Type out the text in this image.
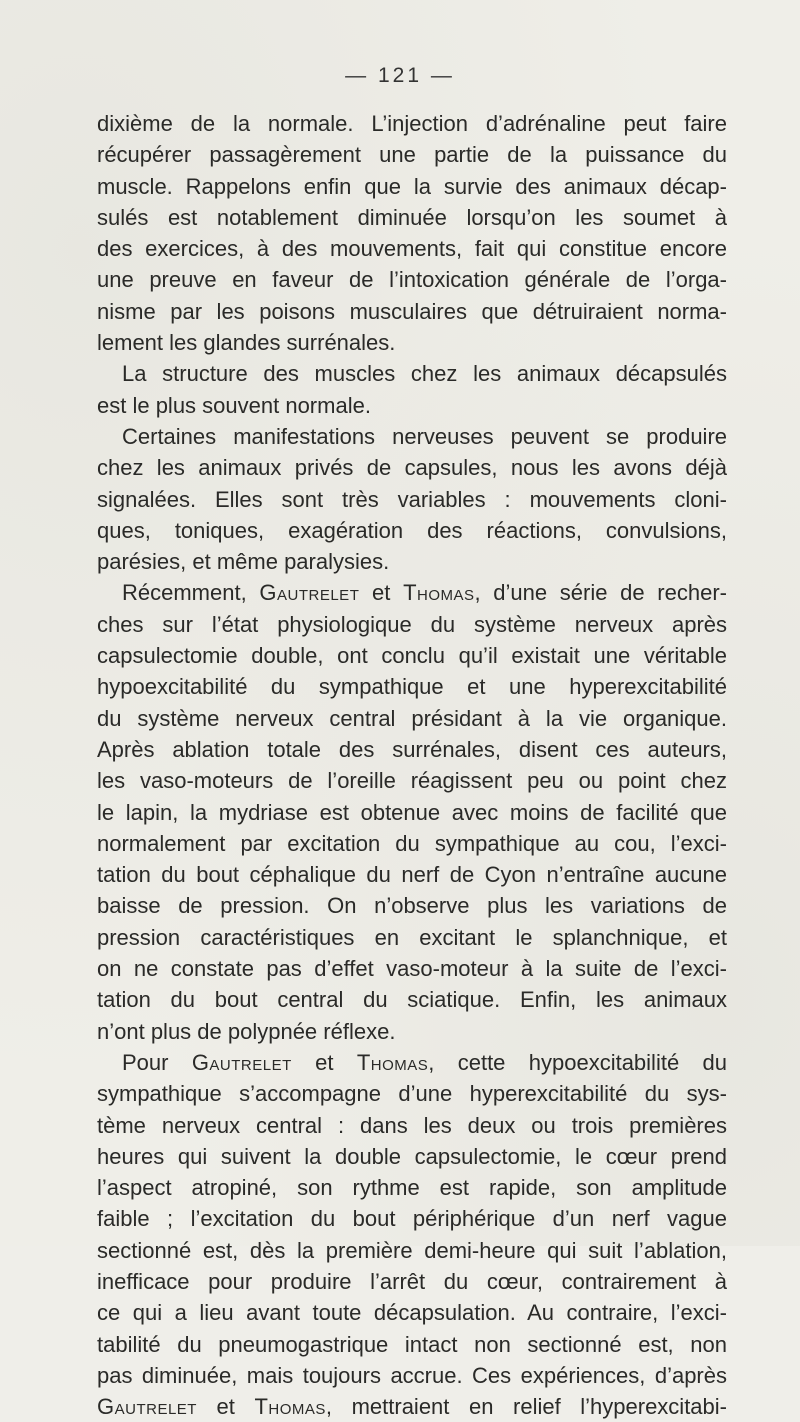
— 121 —
dixième de la normale. L’injection d’adrénaline peut faire
récupérer passagèrement une partie de la puissance du
muscle. Rappelons enfin que la survie des animaux décap-
sulés est notablement diminuée lorsqu’on les soumet à
des exercices, à des mouvements, fait qui constitue encore
une preuve en faveur de l’intoxication générale de l’orga-
nisme par les poisons musculaires que détruiraient norma-
lement les glandes surrénales.
La structure des muscles chez les animaux décapsulés
est le plus souvent normale.
Certaines manifestations nerveuses peuvent se produire
chez les animaux privés de capsules, nous les avons déjà
signalées. Elles sont très variables : mouvements cloni-
ques, toniques, exagération des réactions, convulsions,
parésies, et même paralysies.
Récemment, Gautrelet et Thomas, d’une série de recher-
ches sur l’état physiologique du système nerveux après
capsulectomie double, ont conclu qu’il existait une véritable
hypoexcitabilité du sympathique et une hyperexcitabilité
du système nerveux central présidant à la vie organique.
Après ablation totale des surrénales, disent ces auteurs,
les vaso-moteurs de l’oreille réagissent peu ou point chez
le lapin, la mydriase est obtenue avec moins de facilité que
normalement par excitation du sympathique au cou, l’exci-
tation du bout céphalique du nerf de Cyon n’entraîne aucune
baisse de pression. On n’observe plus les variations de
pression caractéristiques en excitant le splanchnique, et
on ne constate pas d’effet vaso-moteur à la suite de l’exci-
tation du bout central du sciatique. Enfin, les animaux
n’ont plus de polypnée réflexe.
Pour Gautrelet et Thomas, cette hypoexcitabilité du
sympathique s’accompagne d’une hyperexcitabilité du sys-
tème nerveux central : dans les deux ou trois premières
heures qui suivent la double capsulectomie, le cœur prend
l’aspect atropiné, son rythme est rapide, son amplitude
faible ; l’excitation du bout périphérique d’un nerf vague
sectionné est, dès la première demi-heure qui suit l’ablation,
inefficace pour produire l’arrêt du cœur, contrairement à
ce qui a lieu avant toute décapsulation. Au contraire, l’exci-
tabilité du pneumogastrique intact non sectionné est, non
pas diminuée, mais toujours accrue. Ces expériences, d’après
Gautrelet et Thomas, mettraient en relief l’hyperexcitabi-
